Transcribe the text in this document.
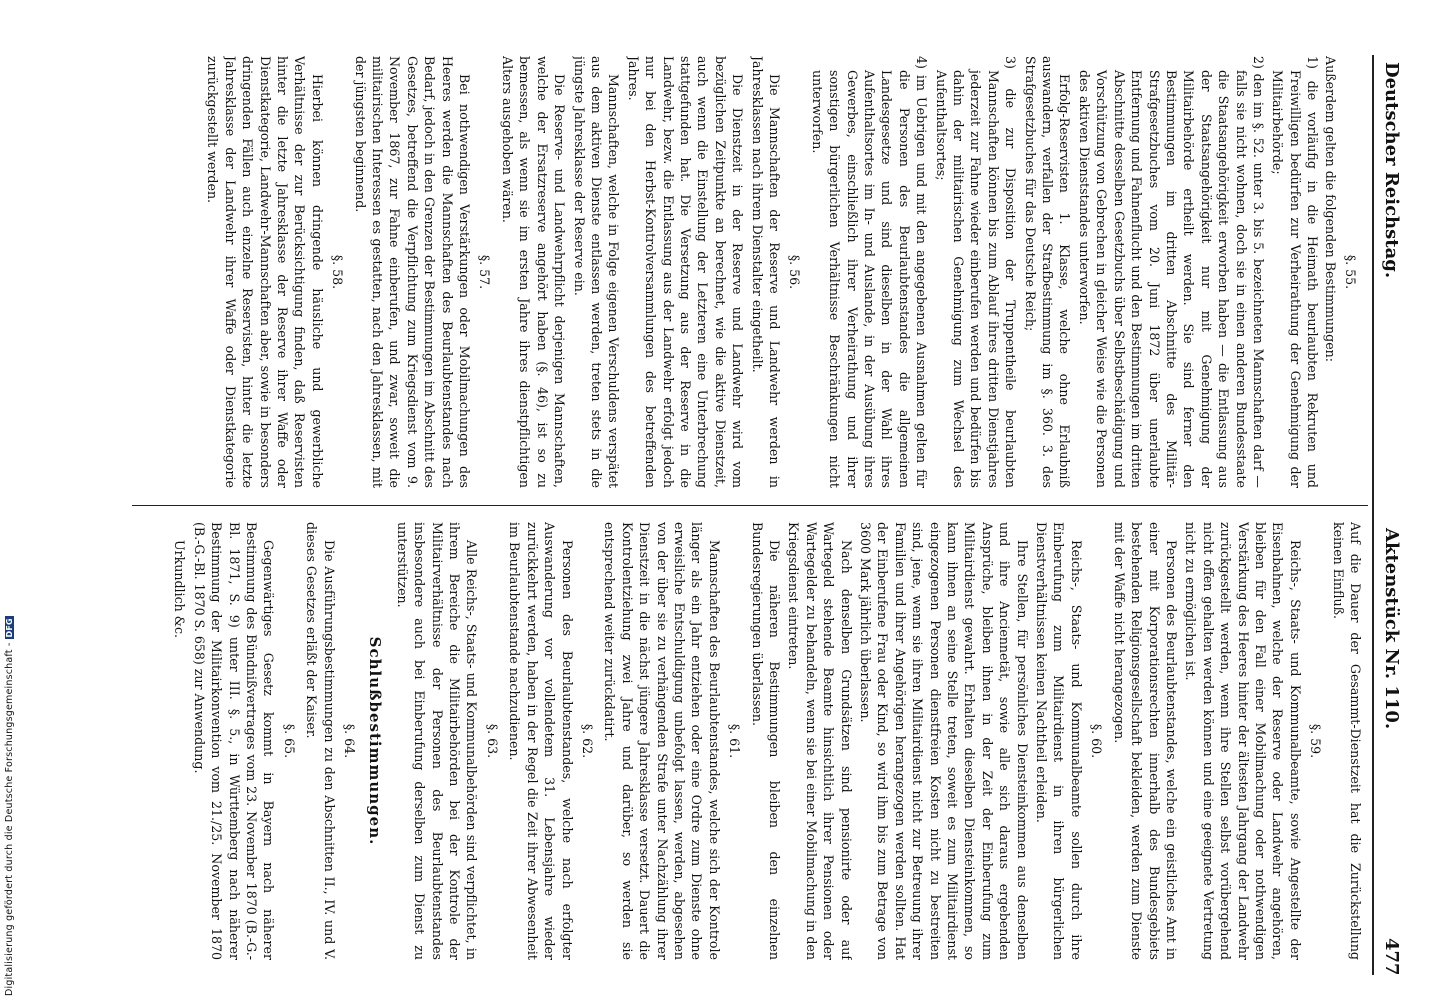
Deutscher Reichstag.
Aktenstück Nr. 110.
477

§. 55.

Außerdem gelten die folgenden Bestimmungen:

1) die vorläufig in die Heimath beurlaubten Rekruten und Freiwilligen bedürfen zur Verheirathung der Genehmigung der Militairbehörde;

2) den im §. 52. unter 3. bis 5. bezeichneten Mannschaften darf — falls sie nicht wohnen, doch sie in einen anderen Bundesstaate die Staatsangehörigkeit erworben haben — die Entlassung aus der Staatsangehörigkeit nur mit Genehmigung der Militairbehörde ertheilt werden. Sie sind ferner den Bestimmungen im dritten Abschnitte des Militär-Strafgesetzbuches vom 20. Juni 1872 über unerlaubte Entfernung und Fahnenflucht und den Bestimmungen im dritten Abschnitte desselben Gesetzbuchs über Selbstbeschädigung und Vorschützung von Gebrechen in gleicher Weise wie die Personen des aktiven Dienststandes unterworfen.

Erfolg-Reservisten 1. Klasse, welche ohne Erlaubniß auswandern, verfallen der Strafbestimmung im §. 360. 3. des Strafgesetzbuches für das Deutsche Reich;

3) die zur Disposition der Truppentheile beurlaubten Mannschaften können bis zum Ablauf ihres dritten Dienstjahres jederzeit zur Fahne wieder einberufen werden und bedürfen bis dahin der militairischen Genehmigung zum Wechsel des Aufenthaltsortes;

4) im Uebrigen und mit den angegebenen Ausnahmen gelten für die Personen des Beurlaubtenstandes die allgemeinen Landesgesetze und sind dieselben in der Wahl ihres Aufenthaltsortes im In- und Auslande, in der Ausübung ihres Gewerbes, einschließlich ihrer Verheirathung und ihrer sonstigen bürgerlichen Verhältnisse Beschränkungen nicht unterworfen.

§. 56.

Die Mannschaften der Reserve und Landwehr werden in Jahresklassen nach ihrem Dienstalter eingetheilt.

Die Dienstzeit in der Reserve und Landwehr wird vom bezüglichen Zeitpunkte an berechnet, wie die aktive Dienstzeit, auch wenn die Einstellung der Letzteren eine Unterbrechung stattgefunden hat. Die Versetzung aus der Reserve in die Landwehr, bezw. die Entlassung aus der Landwehr erfolgt jedoch nur bei den Herbst-Kontrolversammlungen des betreffenden Jahres.

Mannschaften, welche in Folge eigenen Verschuldens verspätet aus dem aktiven Dienste entlassen werden, treten stets in die jüngste Jahresklasse der Reserve ein.

Die Reserve- und Landwehrpflicht derjenigen Mannschaften, welche der Ersatzreserve angehört haben (§. 46), ist so zu bemessen, als wenn sie im ersten Jahre ihres dienstpflichtigen Alters ausgehoben wären.

§. 57.

Bei nothwendigen Verstärkungen oder Mobilmachungen des Heeres werden die Mannschaften des Beurlaubtenstandes nach Bedarf, jedoch in den Grenzen der Bestimmungen im Abschnitt des Gesetzes, betreffend die Verpflichtung zum Kriegsdienst vom 9. November 1867, zur Fahne einberufen, und zwar, soweit die militairischen Interessen es gestatten, nach den Jahresklassen, mit der jüngsten beginnend.

§. 58.

Hierbei können dringende häusliche und gewerbliche Verhältnisse der zur Berücksichtigung finden, daß Reservisten hinter die letzte Jahresklasse der Reserve ihrer Waffe oder Dienstkategorie, Landwehr-Mannschaften aber, sowie in besonders dringenden Fällen auch einzelne Reservisten, hinter die letzte Jahresklasse der Landwehr ihrer Waffe oder Dienstkategorie zurückgestellt werden.

Auf die Dauer der Gesammt-Dienstzeit hat die Zurückstellung keinen Einfluß.

§. 59.

Reichs-, Staats- und Kommunalbeamte, sowie Angestellte der Eisenbahnen, welche der Reserve oder Landwehr angehören, bleiben für den Fall einer Mobilmachung oder nothwendigen Verstärkung des Heeres hinter der ältesten Jahrgang der Landwehr zurückgestellt werden, wenn ihre Stellen selbst vorübergehend nicht offen gehalten werden können und eine geeignete Vertretung nicht zu ermöglichen ist.

Personen des Beurlaubtenstandes, welche ein geistliches Amt in einer mit Korporationsrechten innerhalb des Bundesgebiets bestehenden Religionsgesellschaft bekleiden, werden zum Dienste mit der Waffe nicht herangezogen.

§. 60.

Reichs-, Staats- und Kommunalbeamte sollen durch ihre Einberufung zum Militairdienst in ihren bürgerlichen Dienstverhältnissen keinen Nachtheil erleiden.

Ihre Stellen, für persönliches Diensteinkommen aus denselben und ihre Anciennetät, sowie alle sich daraus ergebenden Ansprüche, bleiben ihnen in der Zeit der Einberufung zum Militairdienst gewahrt. Erhalten dieselben Diensteinkommen, so kann ihnen an seine Stelle treten, soweit es zum Militairdienst eingezogenen Personen dienstfreien Kosten nicht zu bestreiten sind, jene, wenn sie ihren Militairdienst nicht zur Betreuung ihrer Familien und ihrer Angehörigen herangezogen werden sollten. Hat der Einberufene Frau oder Kind, so wird ihm bis zum Betrage von 3600 Mark jährlich überlassen.

Nach denselben Grundsätzen sind pensionirte oder auf Wartegeld stehende Beamte hinsichtlich ihrer Pensionen oder Wartegelder zu behandeln, wenn sie bei einer Mobilmachung in den Kriegsdienst eintreten.

Die näheren Bestimmungen bleiben den einzelnen Bundesregierungen überlassen.

§. 61.

Mannschaften des Beurlaubtenstandes, welche sich der Kontrole länger als ein Jahr entziehen oder eine Ordre zum Dienste ohne erweisliche Entschuldigung unbefolgt lassen, werden, abgesehen von der über sie zu verhängenden Strafe unter Nachzählung ihrer Dienstzeit in die nächst jüngere Jahresklasse versetzt. Dauert die Kontrolentziehung zwei Jahre und darüber, so werden sie entsprechend weiter zurückdatirt.

§. 62.

Personen des Beurlaubtenstandes, welche nach erfolgter Auswanderung vor vollendetem 31. Lebensjahre wieder zurückkehrt werden, haben in der Regel die Zeit ihrer Abwesenheit im Beurlaubtenstande nachzudienen.

§. 63.

Alle Reichs-, Staats- und Kommunalbehörden sind verpflichtet, in ihrem Bereiche die Militairbehörden bei der Kontrole der Militairverhältnisse der Personen des Beurlaubtenstandes insbesondere auch bei Einberufung derselben zum Dienst zu unterstützen.

Schlußbestimmungen.

§. 64.

Die Ausführungsbestimmungen zu den Abschnitten II., IV. und V. dieses Gesetzes erläßt der Kaiser.

§. 65.

Gegenwärtiges Gesetz kommt in Bayern nach näherer Bestimmung des Bündnißvertrages vom 23. November 1870 (B.-G.-Bl. 1871, S. 9) unter III. §. 5., in Württemberg nach näherer Bestimmung der Militairkonvention vom 21./25. November 1870 (B.-G.-Bl. 1870 S. 658) zur Anwendung.

Urkundlich &c.

Digitalisierung gefördert durch die Deutsche Forschungsgemeinschaft -DFG
